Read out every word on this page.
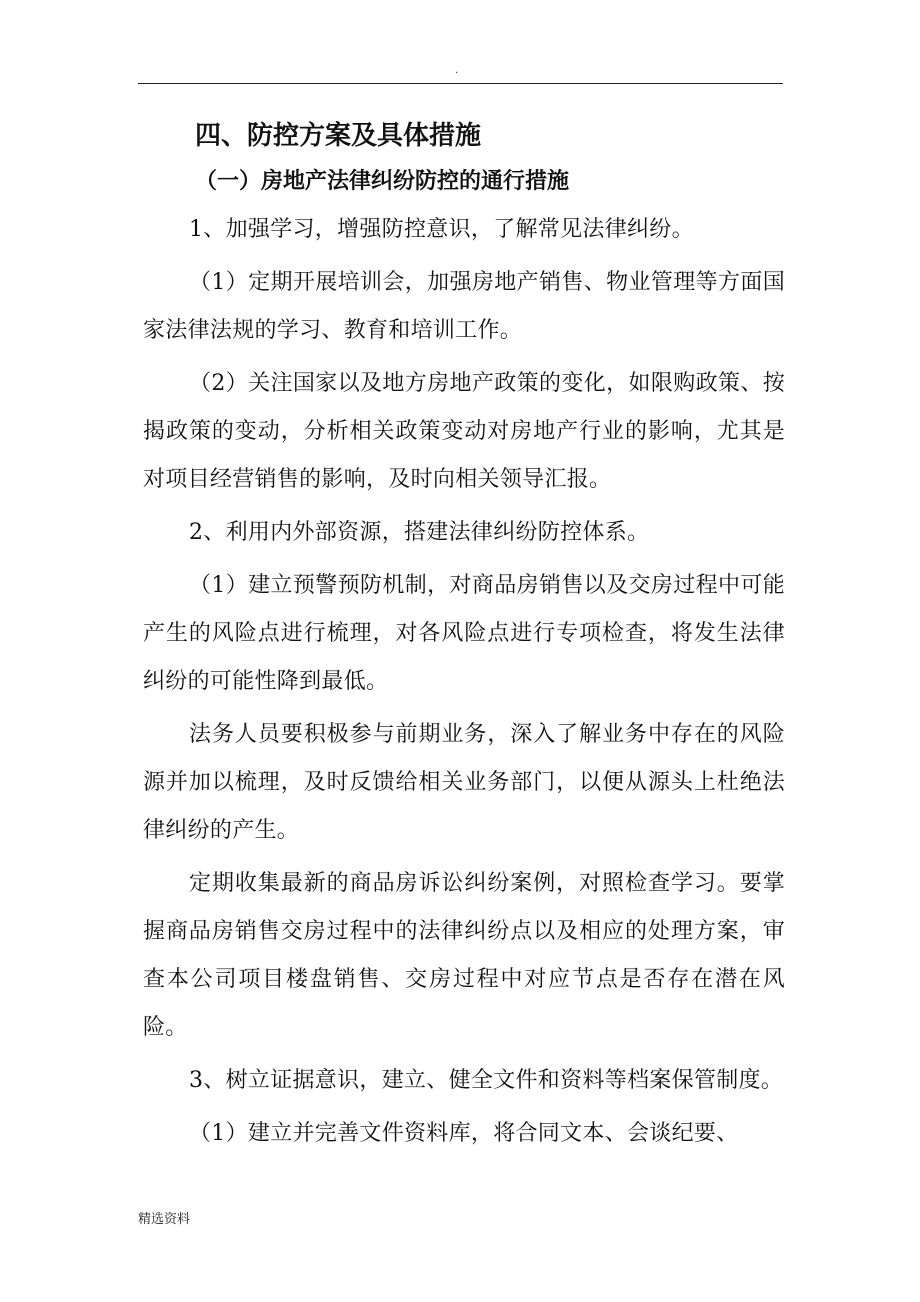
.
四、防控方案及具体措施
（一）房地产法律纠纷防控的通行措施

1、加强学习，增强防控意识，了解常见法律纠纷。

（1）定期开展培训会，加强房地产销售、物业管理等方面国家法律法规的学习、教育和培训工作。

（2）关注国家以及地方房地产政策的变化，如限购政策、按揭政策的变动，分析相关政策变动对房地产行业的影响，尤其是对项目经营销售的影响，及时向相关领导汇报。

2、利用内外部资源，搭建法律纠纷防控体系。

（1）建立预警预防机制，对商品房销售以及交房过程中可能产生的风险点进行梳理，对各风险点进行专项检查，将发生法律纠纷的可能性降到最低。

法务人员要积极参与前期业务，深入了解业务中存在的风险源并加以梳理，及时反馈给相关业务部门，以便从源头上杜绝法律纠纷的产生。

定期收集最新的商品房诉讼纠纷案例，对照检查学习。要掌握商品房销售交房过程中的法律纠纷点以及相应的处理方案，审查本公司项目楼盘销售、交房过程中对应节点是否存在潜在风险。

3、树立证据意识，建立、健全文件和资料等档案保管制度。

（1）建立并完善文件资料库，将合同文本、会谈纪要、

精选资料
